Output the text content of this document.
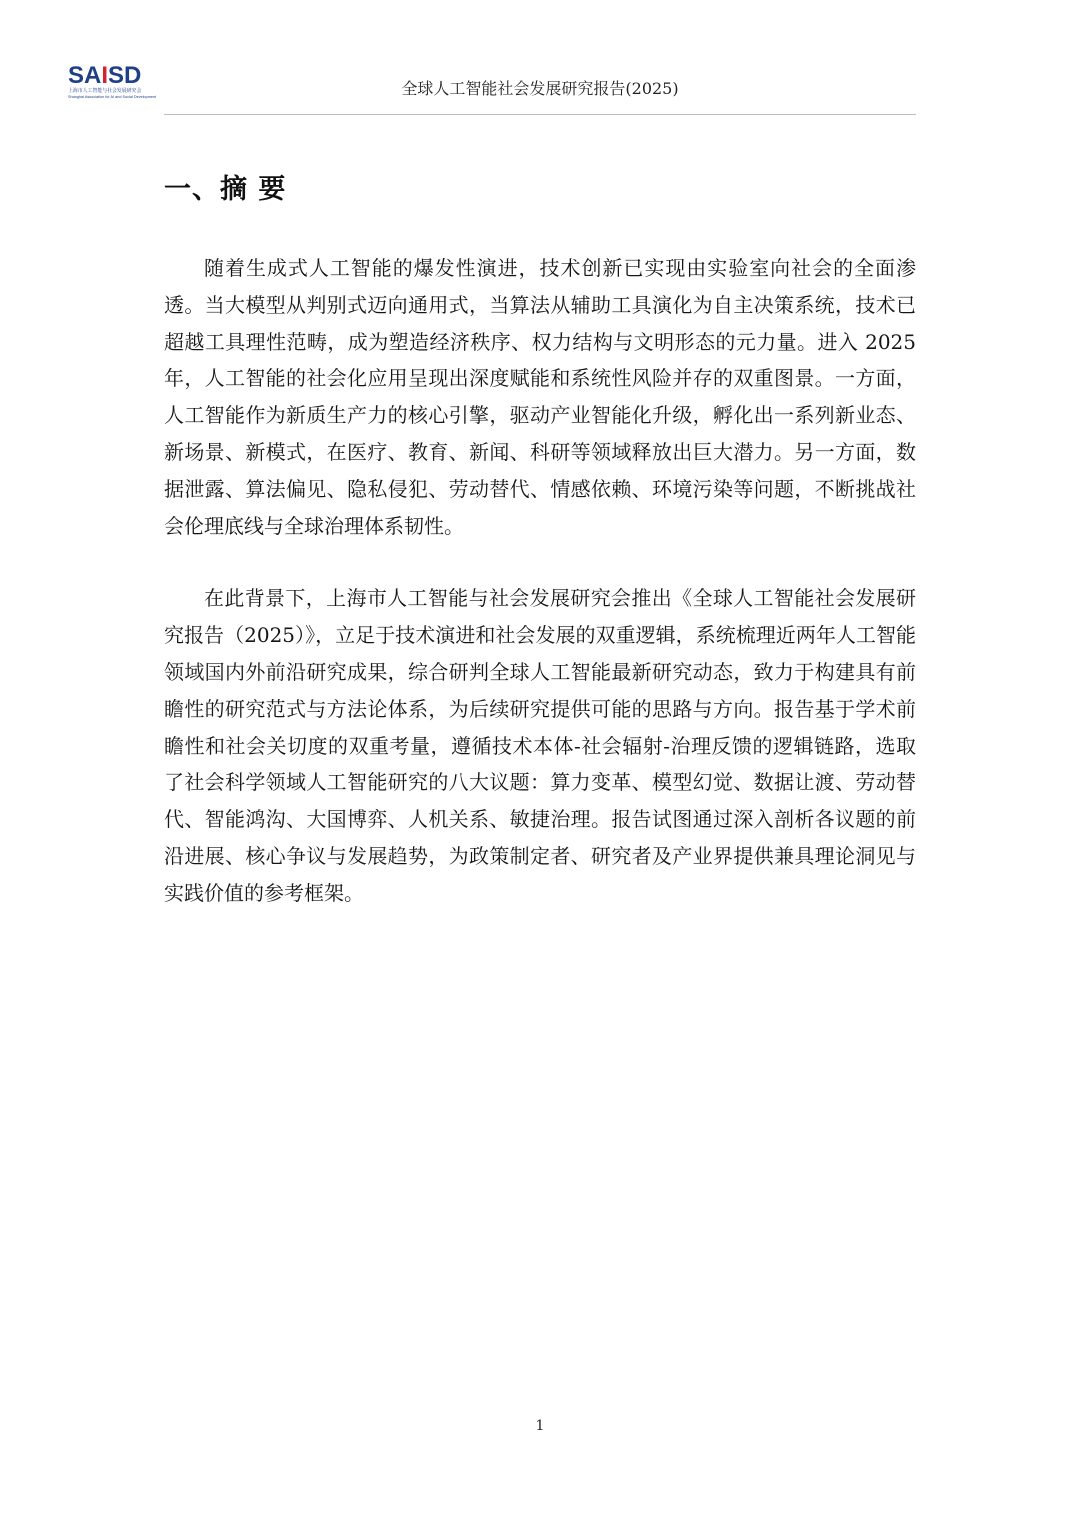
SAISD
上海市人工智能与社会发展研究会
Shanghai Association for AI and Social Development	全球人工智能社会发展研究报告(2025)
一、摘 要

随着生成式人工智能的爆发性演进，技术创新已实现由实验室向社会的全面渗透。当大模型从判别式迈向通用式，当算法从辅助工具演化为自主决策系统，技术已超越工具理性范畴，成为塑造经济秩序、权力结构与文明形态的元力量。进入 2025 年，人工智能的社会化应用呈现出深度赋能和系统性风险并存的双重图景。一方面，人工智能作为新质生产力的核心引擎，驱动产业智能化升级，孵化出一系列新业态、新场景、新模式，在医疗、教育、新闻、科研等领域释放出巨大潜力。另一方面，数据泄露、算法偏见、隐私侵犯、劳动替代、情感依赖、环境污染等问题，不断挑战社会伦理底线与全球治理体系韧性。

在此背景下，上海市人工智能与社会发展研究会推出《全球人工智能社会发展研究报告（2025）》，立足于技术演进和社会发展的双重逻辑，系统梳理近两年人工智能领域国内外前沿研究成果，综合研判全球人工智能最新研究动态，致力于构建具有前瞻性的研究范式与方法论体系，为后续研究提供可能的思路与方向。报告基于学术前瞻性和社会关切度的双重考量，遵循技术本体-社会辐射-治理反馈的逻辑链路，选取了社会科学领域人工智能研究的八大议题：算力变革、模型幻觉、数据让渡、劳动替代、智能鸿沟、大国博弈、人机关系、敏捷治理。报告试图通过深入剖析各议题的前沿进展、核心争议与发展趋势，为政策制定者、研究者及产业界提供兼具理论洞见与实践价值的参考框架。

1
